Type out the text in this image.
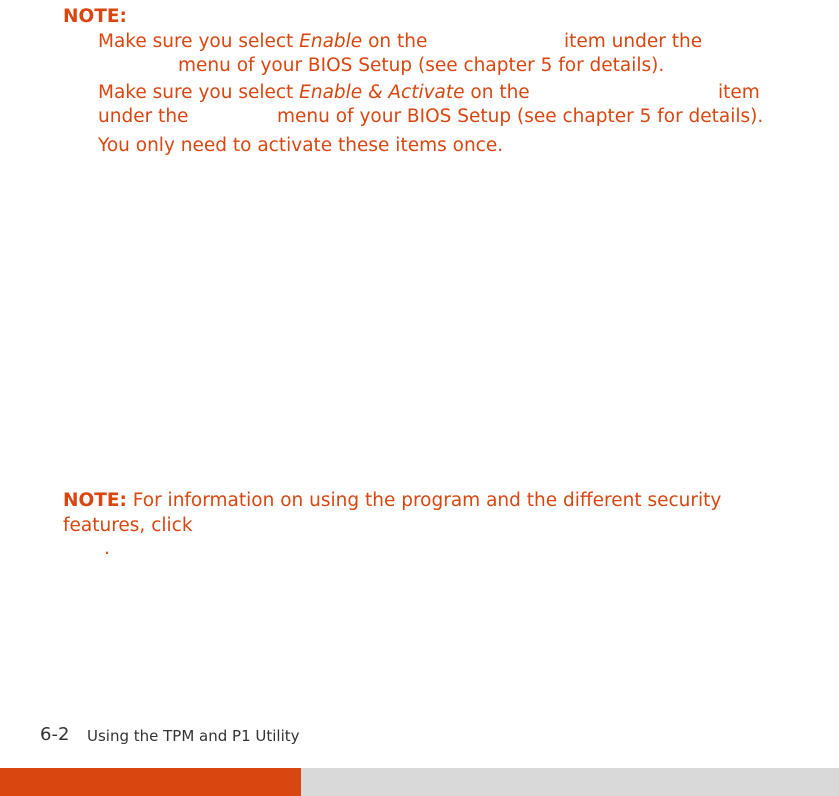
NOTE:
Make sure you select Enable on the	item under the
menu of your BIOS Setup (see chapter 5 for details).
Make sure you select Enable & Activate on the	item
under the	menu of your BIOS Setup (see chapter 5 for details).
You only need to activate these items once.
NOTE: For information on using the program and the different security
features, click
.
6-2 Using the TPM and P1 Utility
